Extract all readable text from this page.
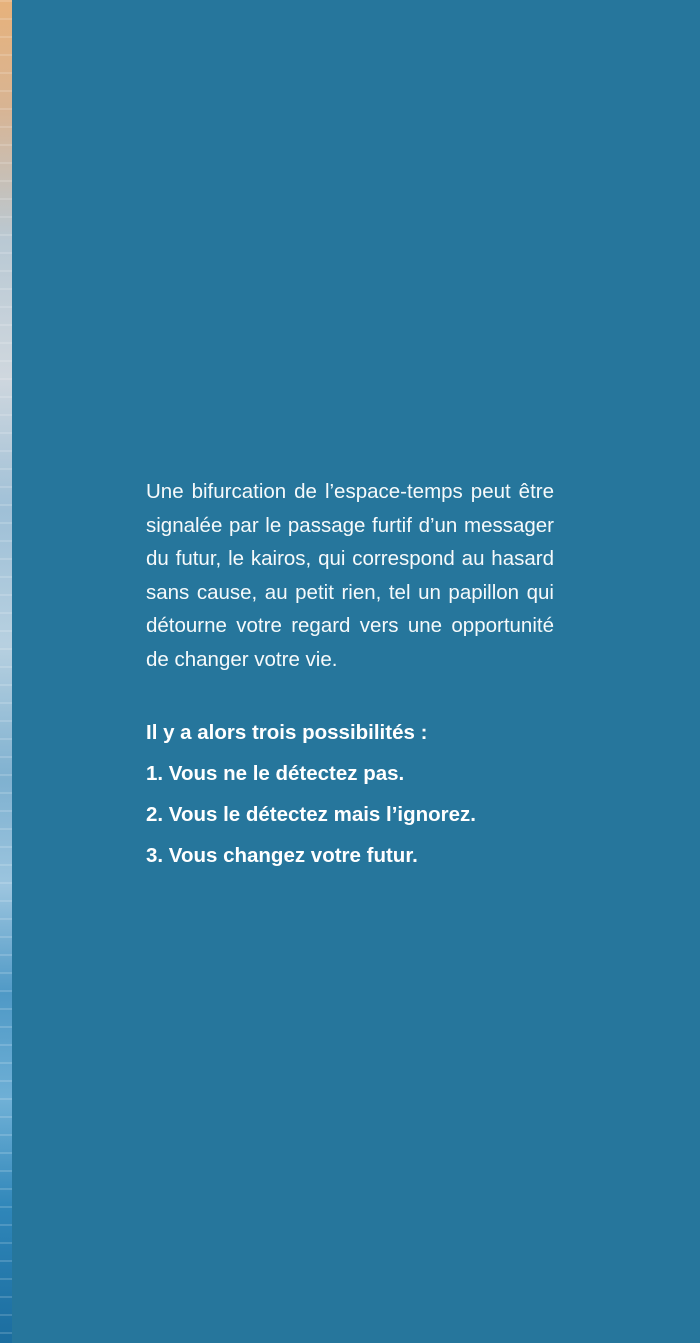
Une bifurcation de l’espace-temps peut être signalée par le passage furtif d’un messager du futur, le kairos, qui correspond au hasard sans cause, au petit rien, tel un papillon qui détourne votre regard vers une opportunité de changer votre vie.

Il y a alors trois possibilités :

1. Vous ne le détectez pas.
2. Vous le détectez mais l’ignorez.
3. Vous changez votre futur.
